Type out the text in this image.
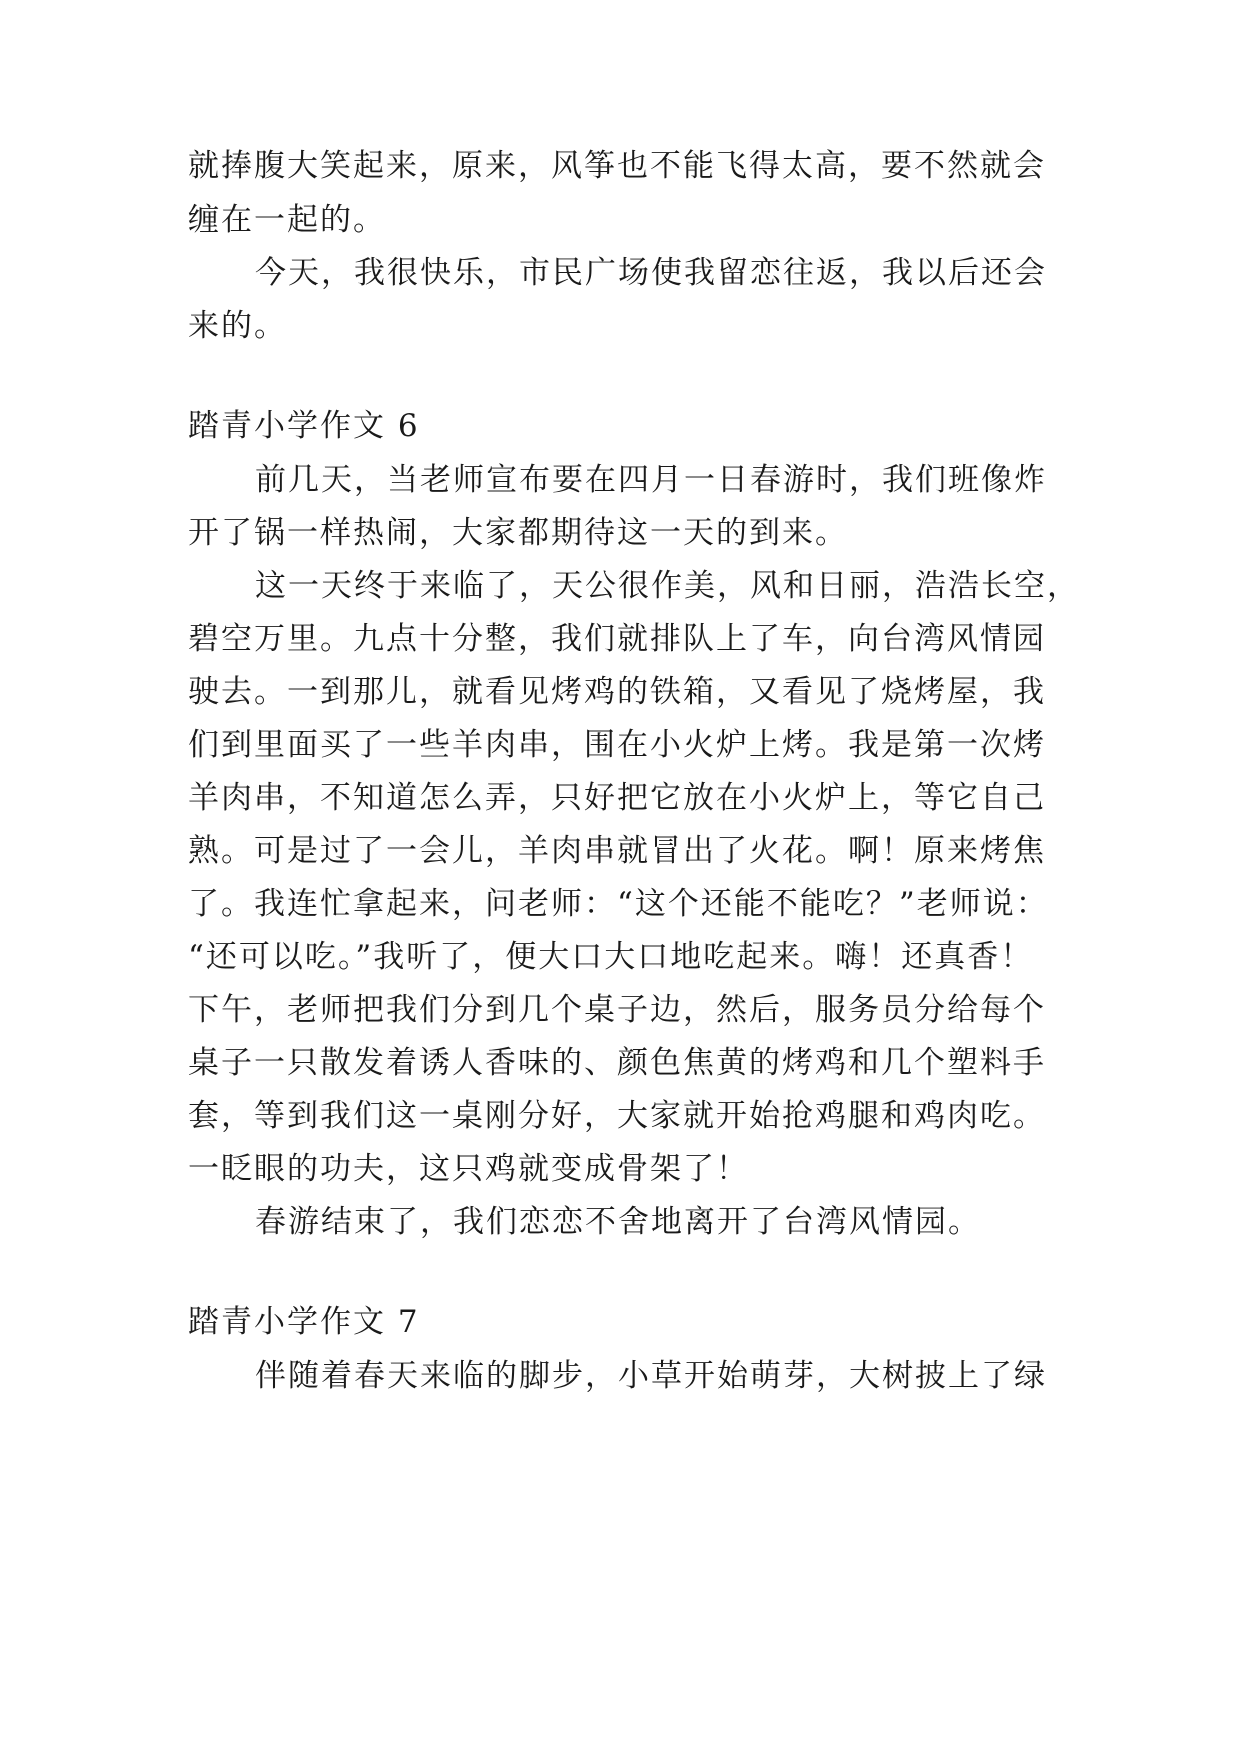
就捧腹大笑起来，原来，风筝也不能飞得太高，要不然就会
缠在一起的。
今天，我很快乐，市民广场使我留恋往返，我以后还会
来的。
踏青小学作文 6
前几天，当老师宣布要在四月一日春游时，我们班像炸
开了锅一样热闹，大家都期待这一天的到来。
这一天终于来临了，天公很作美，风和日丽，浩浩长空，
碧空万里。九点十分整，我们就排队上了车，向台湾风情园
驶去。一到那儿，就看见烤鸡的铁箱，又看见了烧烤屋，我
们到里面买了一些羊肉串，围在小火炉上烤。我是第一次烤
羊肉串，不知道怎么弄，只好把它放在小火炉上，等它自己
熟。可是过了一会儿，羊肉串就冒出了火花。啊！原来烤焦
了。我连忙拿起来，问老师：“这个还能不能吃？”老师说：
“还可以吃。”我听了，便大口大口地吃起来。嗨！还真香！
下午，老师把我们分到几个桌子边，然后，服务员分给每个
桌子一只散发着诱人香味的、颜色焦黄的烤鸡和几个塑料手
套，等到我们这一桌刚分好，大家就开始抢鸡腿和鸡肉吃。
一眨眼的功夫，这只鸡就变成骨架了！
春游结束了，我们恋恋不舍地离开了台湾风情园。
踏青小学作文 7
伴随着春天来临的脚步，小草开始萌芽，大树披上了绿
